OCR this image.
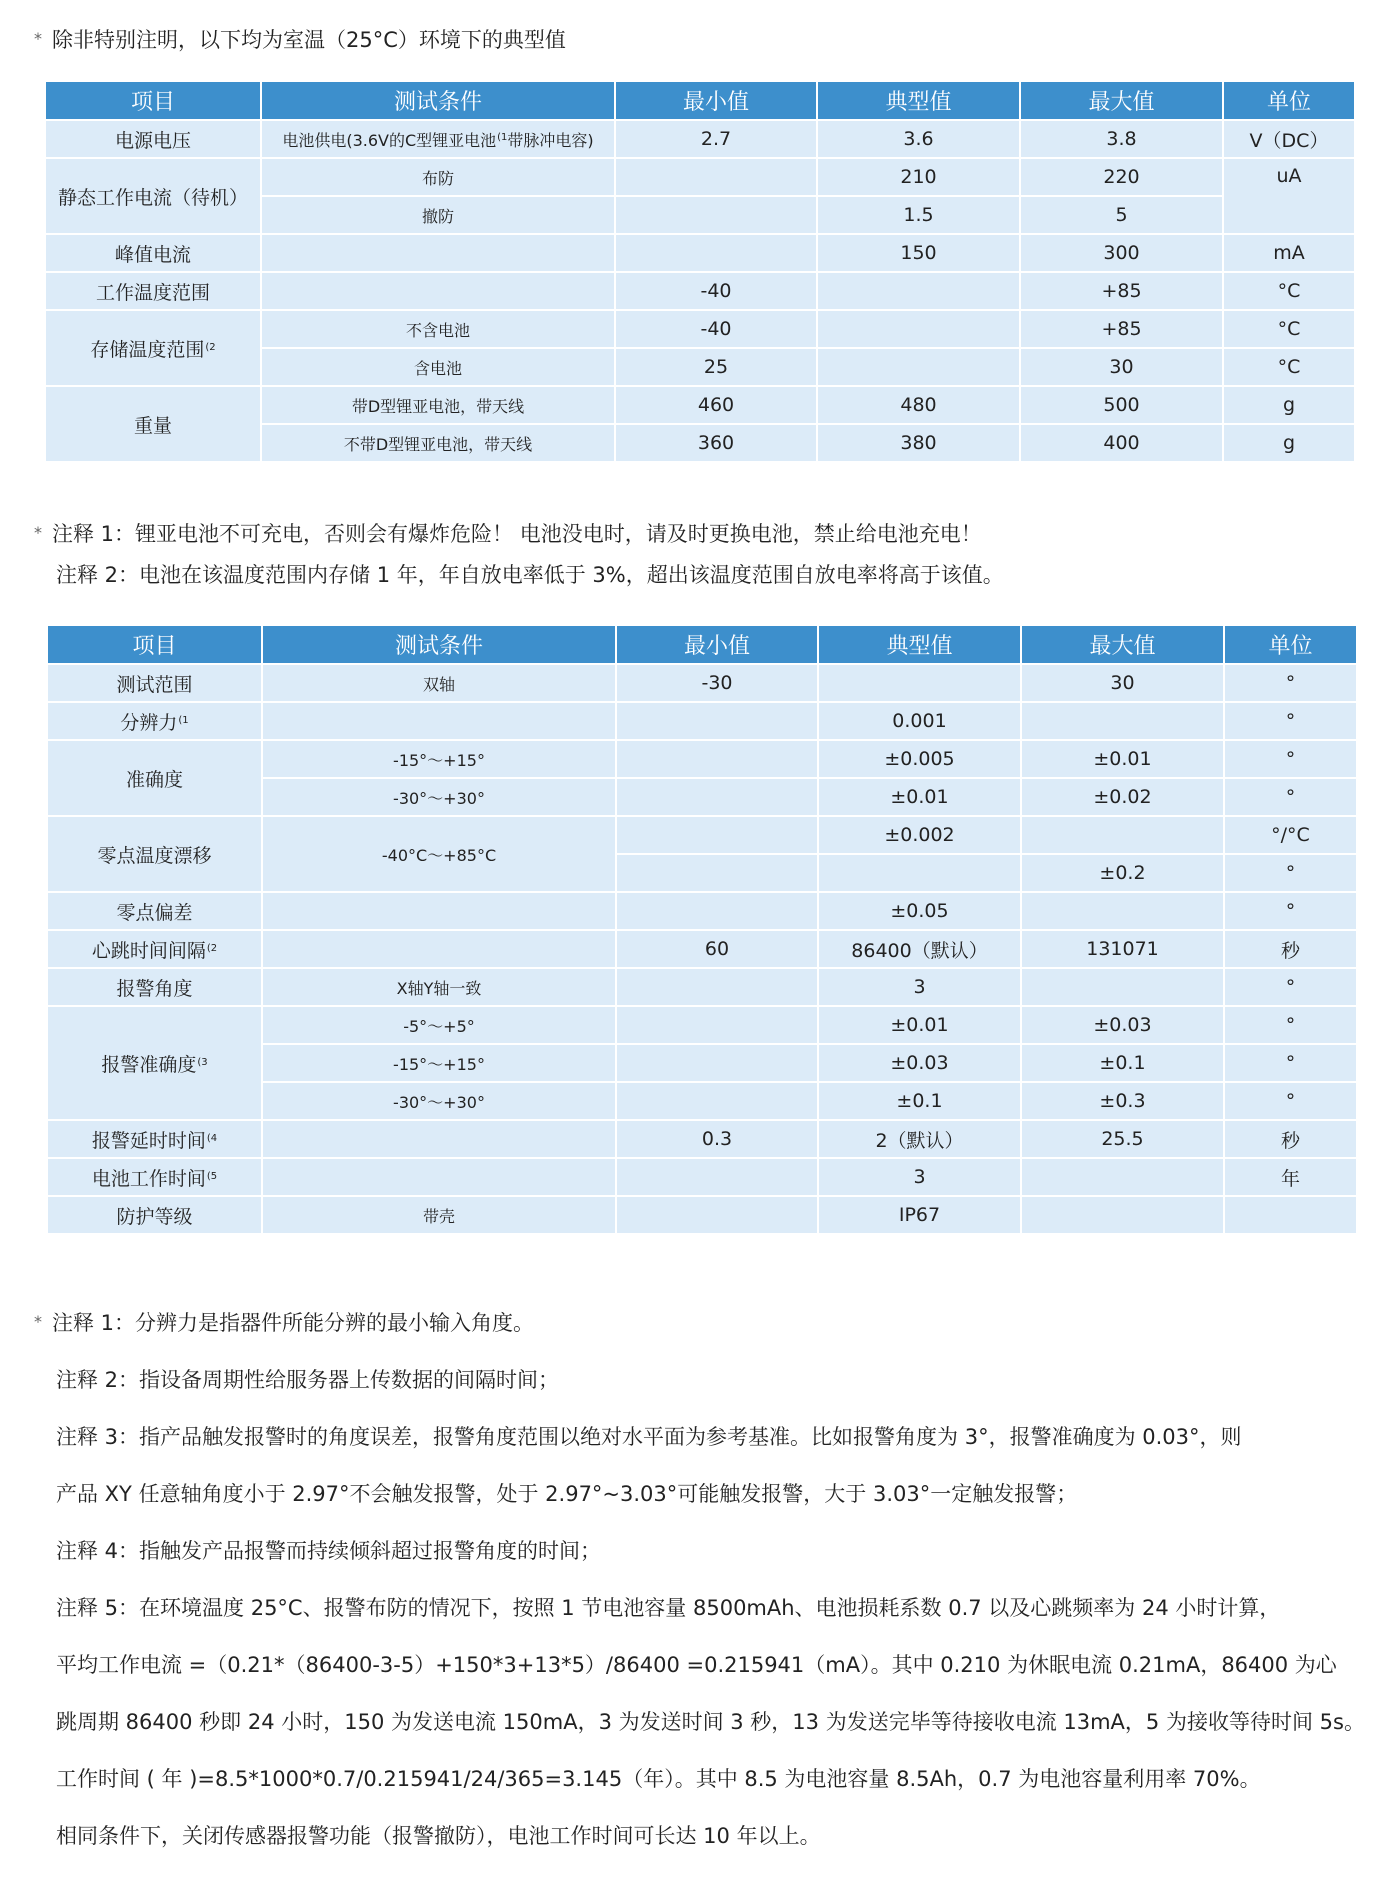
* 除非特别注明，以下均为室温（25°C）环境下的典型值
项目	测试条件	最小值	典型值	最大值	单位
电源电压	电池供电(3.6V的C型锂亚电池$^{(1}$带脉冲电容)	2.7	3.6	3.8	V（DC）
静态工作电流（待机）	布防		210	220	uA
	撤防		1.5	5	
峰值电流			150	300	mA
工作温度范围		-40		+85	°C
存储温度范围$^{(2}$	不含电池	-40		+85	°C
	含电池	25		30	°C
重量	带D型锂亚电池，带天线	460	480	500	g
	不带D型锂亚电池，带天线	360	380	400	g
* 注释 1：锂亚电池不可充电，否则会有爆炸危险！ 电池没电时，请及时更换电池，禁止给电池充电！
注释 2：电池在该温度范围内存储 1 年，年自放电率低于 3%，超出该温度范围自放电率将高于该值。
项目	测试条件	最小值	典型值	最大值	单位
测试范围	双轴	-30		30	°
分辨力$^{(1}$			0.001		°
准确度	-15°～+15°		±0.005	±0.01	°
	-30°～+30°		±0.01	±0.02	°
零点温度漂移	-40°C～+85°C		±0.002		°/°C
				±0.2	°
零点偏差			±0.05		°
心跳时间间隔$^{(2}$		60	86400（默认）	131071	秒
报警角度	X轴Y轴一致		3		°
报警准确度$^{(3}$	-5°～+5°		±0.01	±0.03	°
	-15°～+15°		±0.03	±0.1	°
	-30°～+30°		±0.1	±0.3	°
报警延时时间$^{(4}$		0.3	2（默认）	25.5	秒
电池工作时间$^{(5}$			3		年
防护等级	带壳		IP67		
* 注释 1：分辨力是指器件所能分辨的最小输入角度。
注释 2：指设备周期性给服务器上传数据的间隔时间；
注释 3：指产品触发报警时的角度误差，报警角度范围以绝对水平面为参考基准。比如报警角度为 3°，报警准确度为 0.03°，则
产品 XY 任意轴角度小于 2.97°不会触发报警，处于 2.97°~3.03°可能触发报警，大于 3.03°一定触发报警；
注释 4：指触发产品报警而持续倾斜超过报警角度的时间；
注释 5：在环境温度 25°C、报警布防的情况下，按照 1 节电池容量 8500mAh、电池损耗系数 0.7 以及心跳频率为 24 小时计算，
平均工作电流 =（0.21*（86400-3-5）+150*3+13*5）/86400 =0.215941（mA）。其中 0.210 为休眠电流 0.21mA，86400 为心
跳周期 86400 秒即 24 小时，150 为发送电流 150mA，3 为发送时间 3 秒，13 为发送完毕等待接收电流 13mA，5 为接收等待时间 5s。
工作时间 ( 年 )=8.5*1000*0.7/0.215941/24/365=3.145（年）。其中 8.5 为电池容量 8.5Ah，0.7 为电池容量利用率 70%。
相同条件下，关闭传感器报警功能（报警撤防），电池工作时间可长达 10 年以上。
